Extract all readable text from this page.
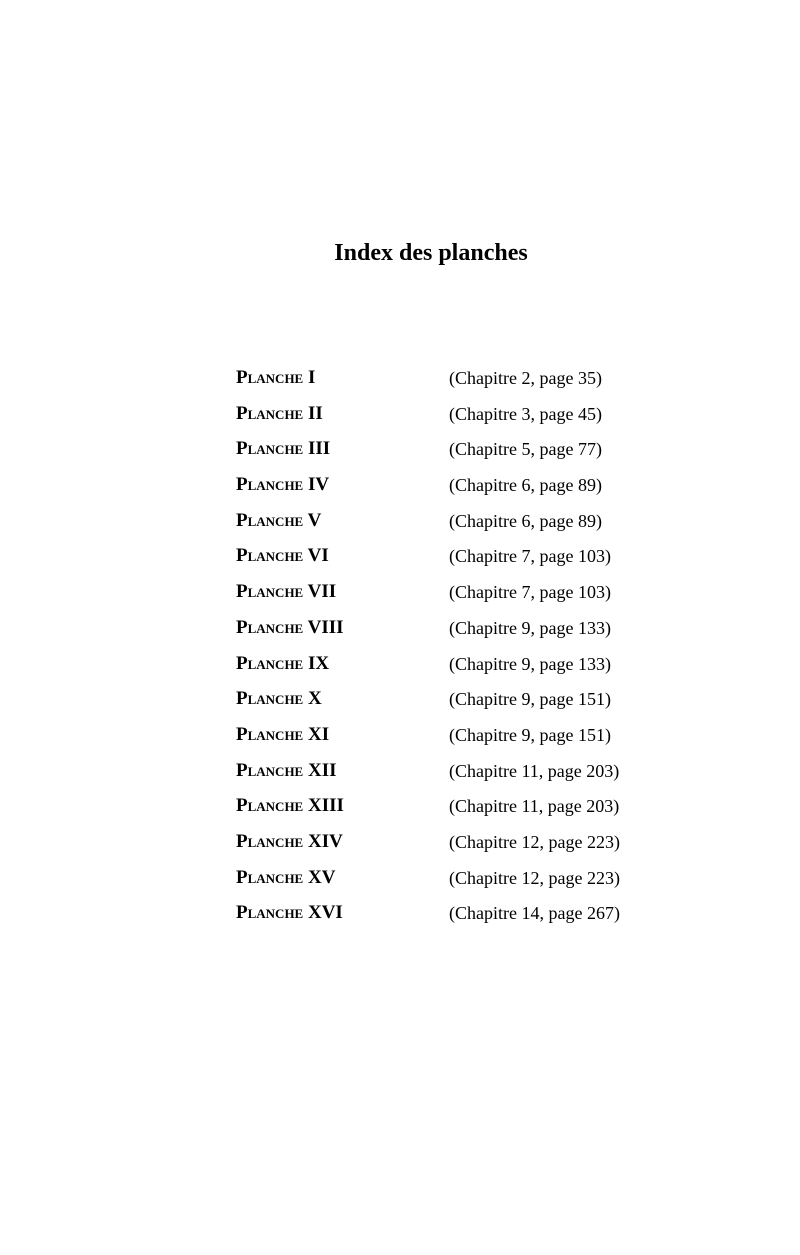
Index des planches
Planche I	(Chapitre 2, page 35)
Planche II	(Chapitre 3, page 45)
Planche III	(Chapitre 5, page 77)
Planche IV	(Chapitre 6, page 89)
Planche V	(Chapitre 6, page 89)
Planche VI	(Chapitre 7, page 103)
Planche VII	(Chapitre 7, page 103)
Planche VIII	(Chapitre 9, page 133)
Planche IX	(Chapitre 9, page 133)
Planche X	(Chapitre 9, page 151)
Planche XI	(Chapitre 9, page 151)
Planche XII	(Chapitre 11, page 203)
Planche XIII	(Chapitre 11, page 203)
Planche XIV	(Chapitre 12, page 223)
Planche XV	(Chapitre 12, page 223)
Planche XVI	(Chapitre 14, page 267)
